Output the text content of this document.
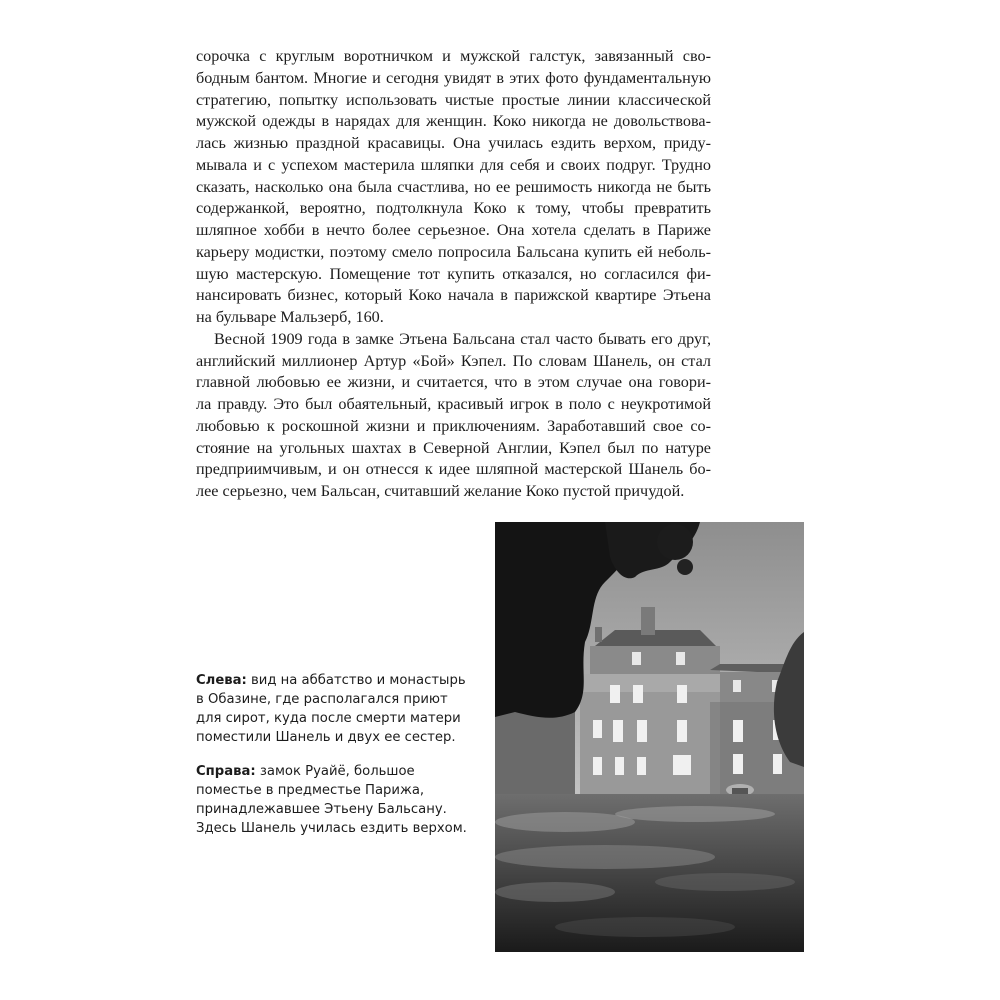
сорочка с круглым воротничком и мужской галстук, завязанный сво-
бодным бантом. Многие и сегодня увидят в этих фото фундаментальную
стратегию, попытку использовать чистые простые линии классической
мужской одежды в нарядах для женщин. Коко никогда не довольствова-
лась жизнью праздной красавицы. Она училась ездить верхом, приду-
мывала и с успехом мастерила шляпки для себя и своих подруг. Трудно
сказать, насколько она была счастлива, но ее решимость никогда не быть
содержанкой, вероятно, подтолкнула Коко к тому, чтобы превратить
шляпное хобби в нечто более серьезное. Она хотела сделать в Париже
карьеру модистки, поэтому смело попросила Бальсана купить ей неболь-
шую мастерскую. Помещение тот купить отказался, но согласился фи-
нансировать бизнес, который Коко начала в парижской квартире Этьена
на бульваре Мальзерб, 160.

Весной 1909 года в замке Этьена Бальсана стал часто бывать его друг,
английский миллионер Артур «Бой» Кэпел. По словам Шанель, он стал
главной любовью ее жизни, и считается, что в этом случае она говори-
ла правду. Это был обаятельный, красивый игрок в поло с неукротимой
любовью к роскошной жизни и приключениям. Заработавший свое со-
стояние на угольных шахтах в Северной Англии, Кэпел был по натуре
предприимчивым, и он отнесся к идее шляпной мастерской Шанель бо-
лее серьезно, чем Бальсан, считавший желание Коко пустой причудой.

Слева: вид на аббатство и монастырь в Обазине, где располагался приют для сирот, куда после смерти матери поместили Шанель и двух ее сестер.

Справа: замок Руайё, большое поместье в предместье Парижа, принадлежавшее Этьену Бальсану. Здесь Шанель училась ездить верхом.
